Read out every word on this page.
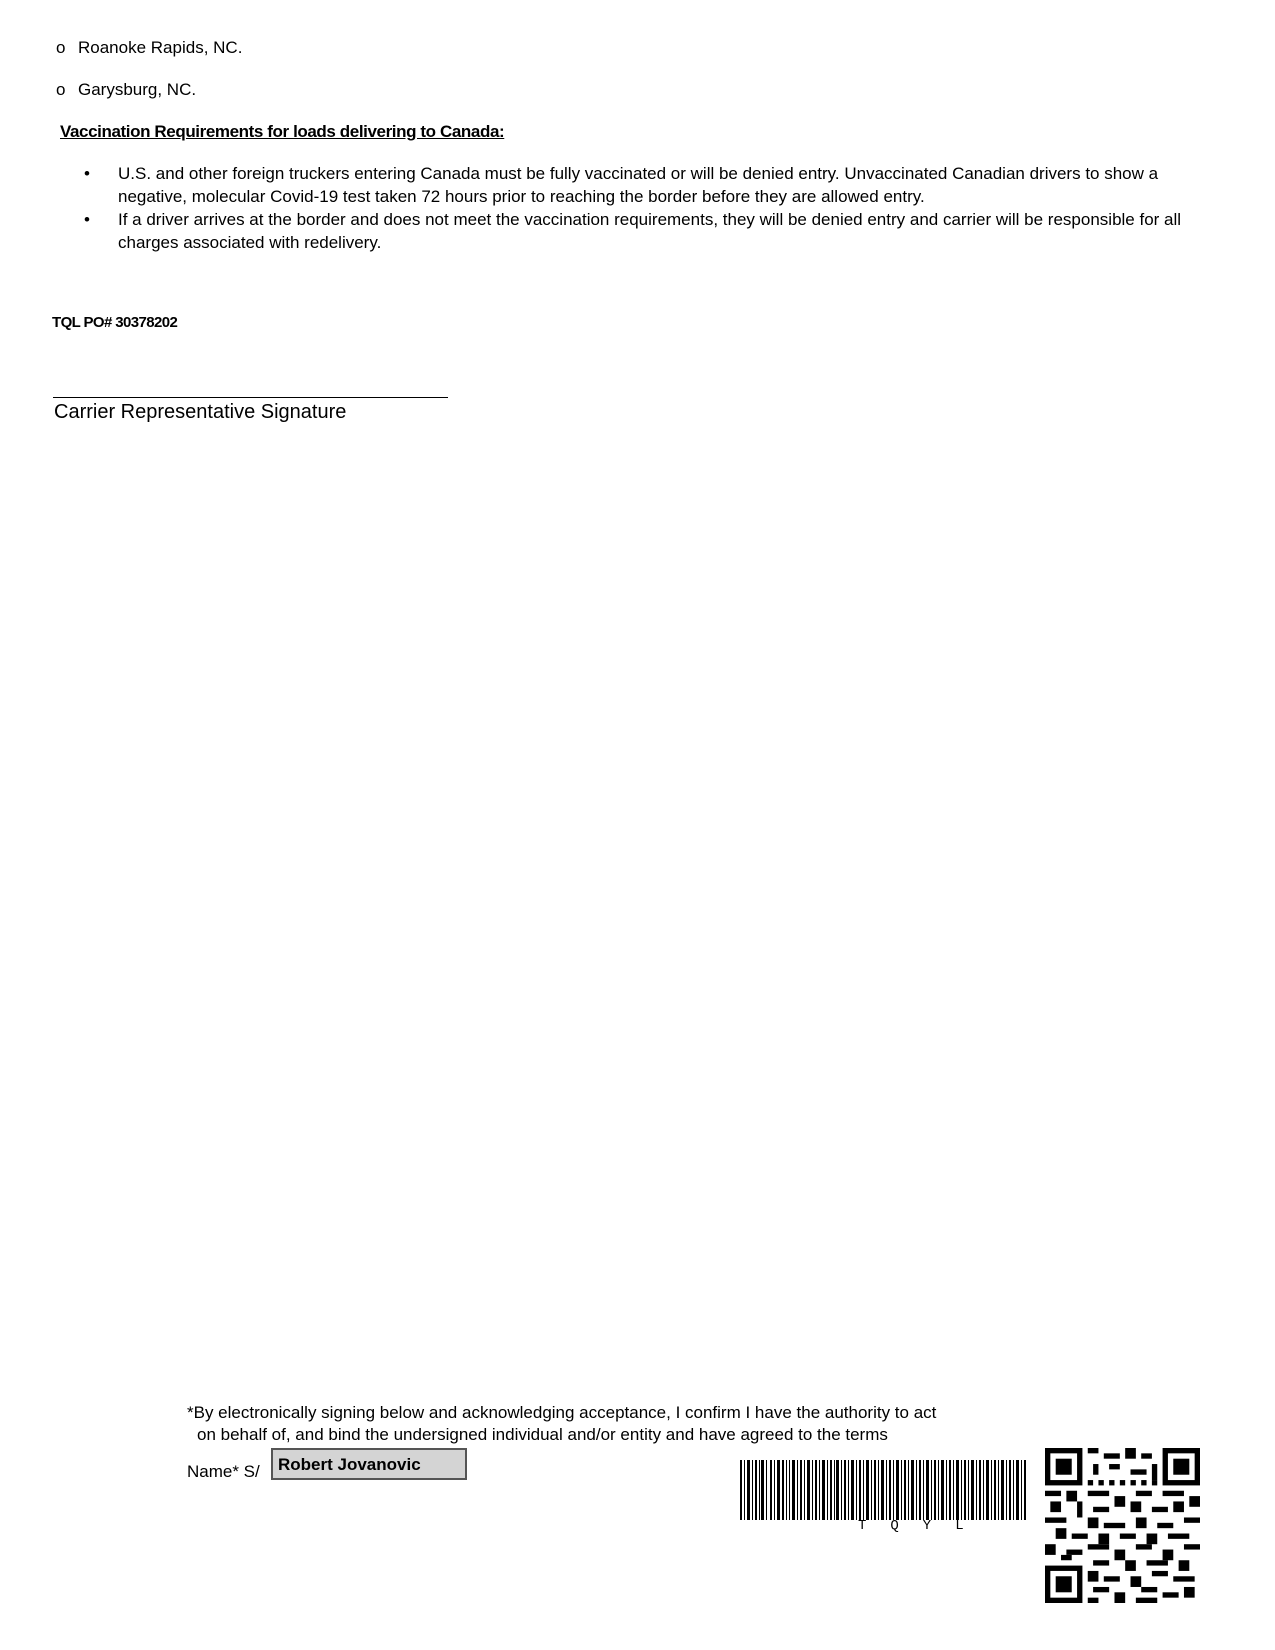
o Roanoke Rapids, NC.
o Garysburg, NC.
Vaccination Requirements for loads delivering to Canada:

• U.S. and other foreign truckers entering Canada must be fully vaccinated or will be denied entry. Unvaccinated Canadian drivers to show a negative, molecular Covid-19 test taken 72 hours prior to reaching the border before they are allowed entry.

• If a driver arrives at the border and does not meet the vaccination requirements, they will be denied entry and carrier will be responsible for all charges associated with redelivery.

TQL PO# 30378202
Carrier Representative Signature
*By electronically signing below and acknowledging acceptance, I confirm I have the authority to act
on behalf of, and bind the undersigned individual and/or entity and have agreed to the terms
Name* S/	Robert Jovanovic
TQYL
